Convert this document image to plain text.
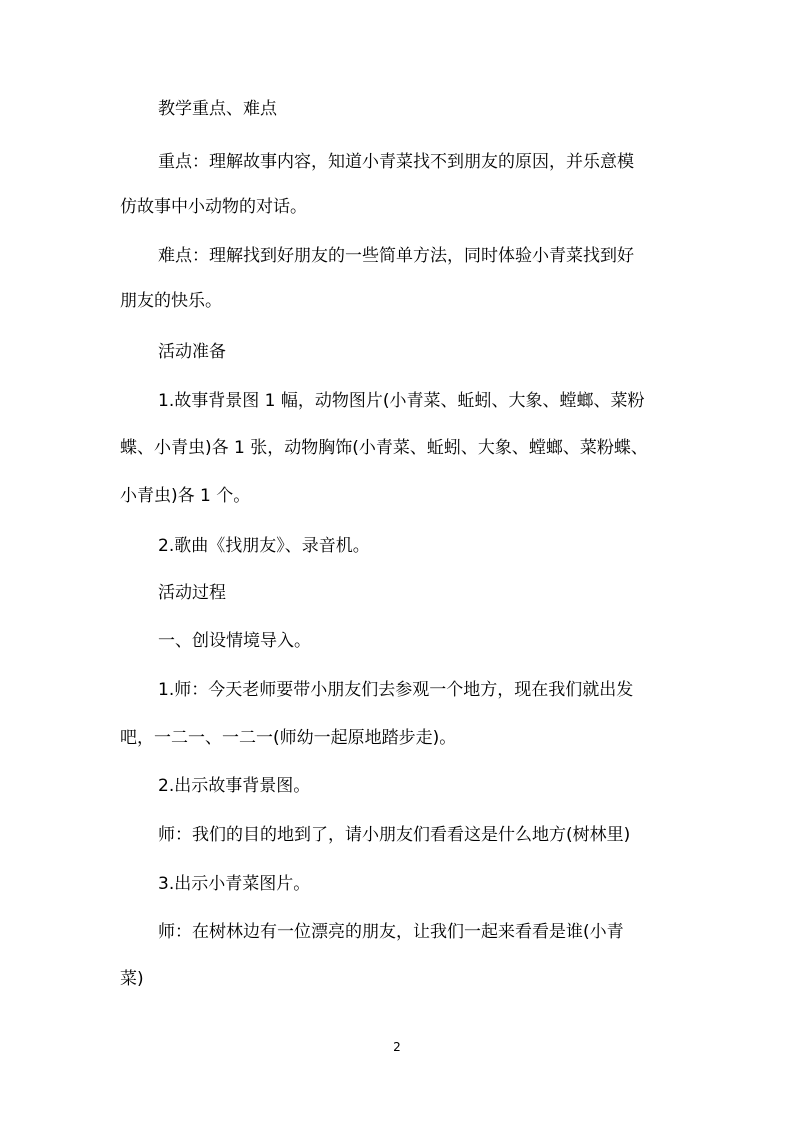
教学重点、难点
重点：理解故事内容，知道小青菜找不到朋友的原因，并乐意模
仿故事中小动物的对话。
难点：理解找到好朋友的一些简单方法，同时体验小青菜找到好
朋友的快乐。
活动准备
1.故事背景图 1 幅，动物图片(小青菜、蚯蚓、大象、螳螂、菜粉
蝶、小青虫)各 1 张，动物胸饰(小青菜、蚯蚓、大象、螳螂、菜粉蝶、
小青虫)各 1 个。
2.歌曲《找朋友》、录音机。
活动过程
一、创设情境导入。
1.师：今天老师要带小朋友们去参观一个地方，现在我们就出发
吧，一二一、一二一(师幼一起原地踏步走)。
2.出示故事背景图。
师：我们的目的地到了，请小朋友们看看这是什么地方(树林里)
3.出示小青菜图片。
师：在树林边有一位漂亮的朋友，让我们一起来看看是谁(小青
菜)
2
